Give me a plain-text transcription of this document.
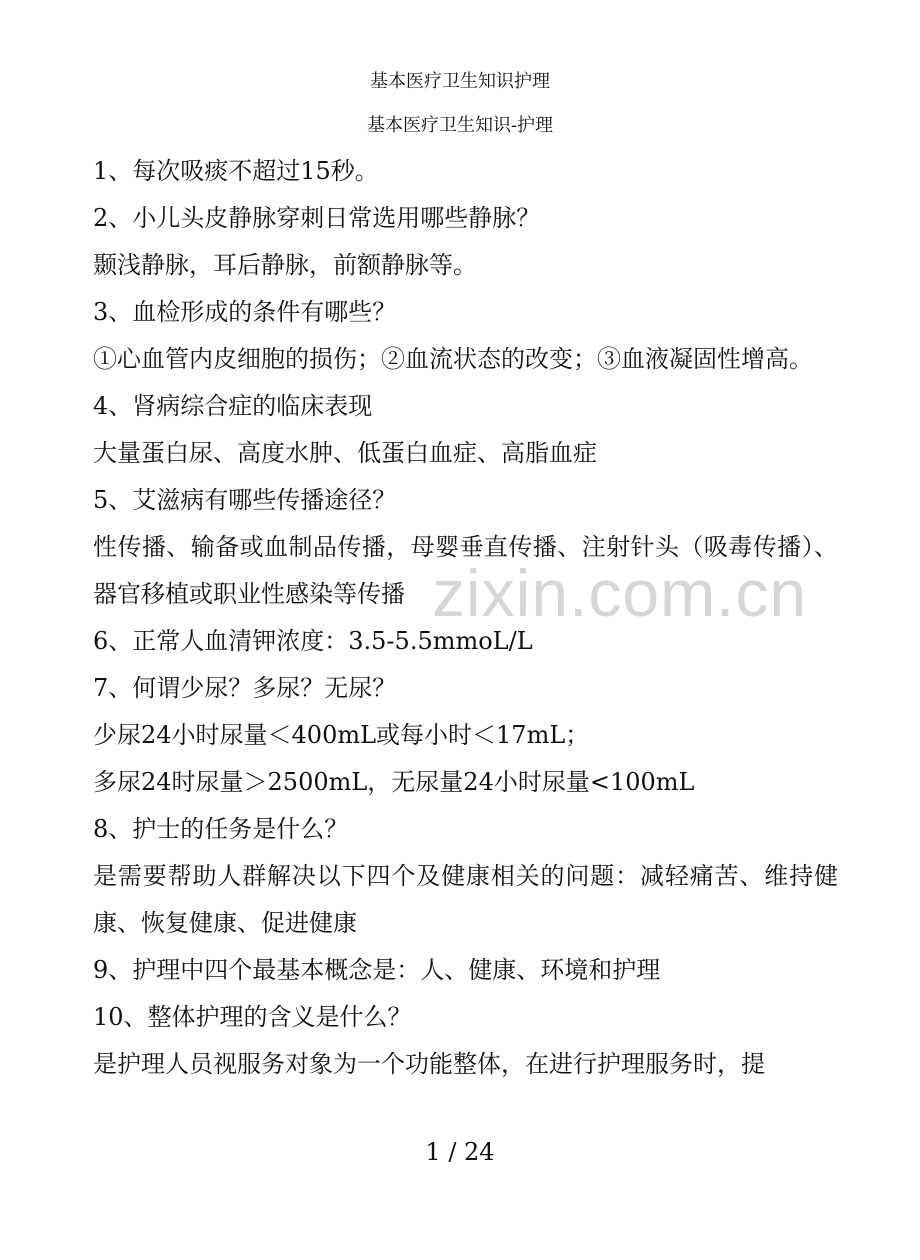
基本医疗卫生知识护理
基本医疗卫生知识-护理

1、每次吸痰不超过15秒。

2、小儿头皮静脉穿刺日常选用哪些静脉？

颞浅静脉，耳后静脉，前额静脉等。

3、血检形成的条件有哪些？

①心血管内皮细胞的损伤；②血流状态的改变；③血液凝固性增高。

4、肾病综合症的临床表现

大量蛋白尿、高度水肿、低蛋白血症、高脂血症

5、艾滋病有哪些传播途径？

性传播、输备或血制品传播，母婴垂直传播、注射针头（吸毒传播）、器官移植或职业性感染等传播

6、正常人血清钾浓度：3.5-5.5mmoL/L

7、何谓少尿？多尿？无尿？

少尿24小时尿量＜400mL或每小时＜17mL；

多尿24时尿量＞2500mL，无尿量24小时尿量<100mL

8、护士的任务是什么？

是需要帮助人群解决以下四个及健康相关的问题：减轻痛苦、维持健康、恢复健康、促进健康

9、护理中四个最基本概念是：人、健康、环境和护理

10、整体护理的含义是什么？

是护理人员视服务对象为一个功能整体，在进行护理服务时，提

zixin.com.cn
1 / 24
